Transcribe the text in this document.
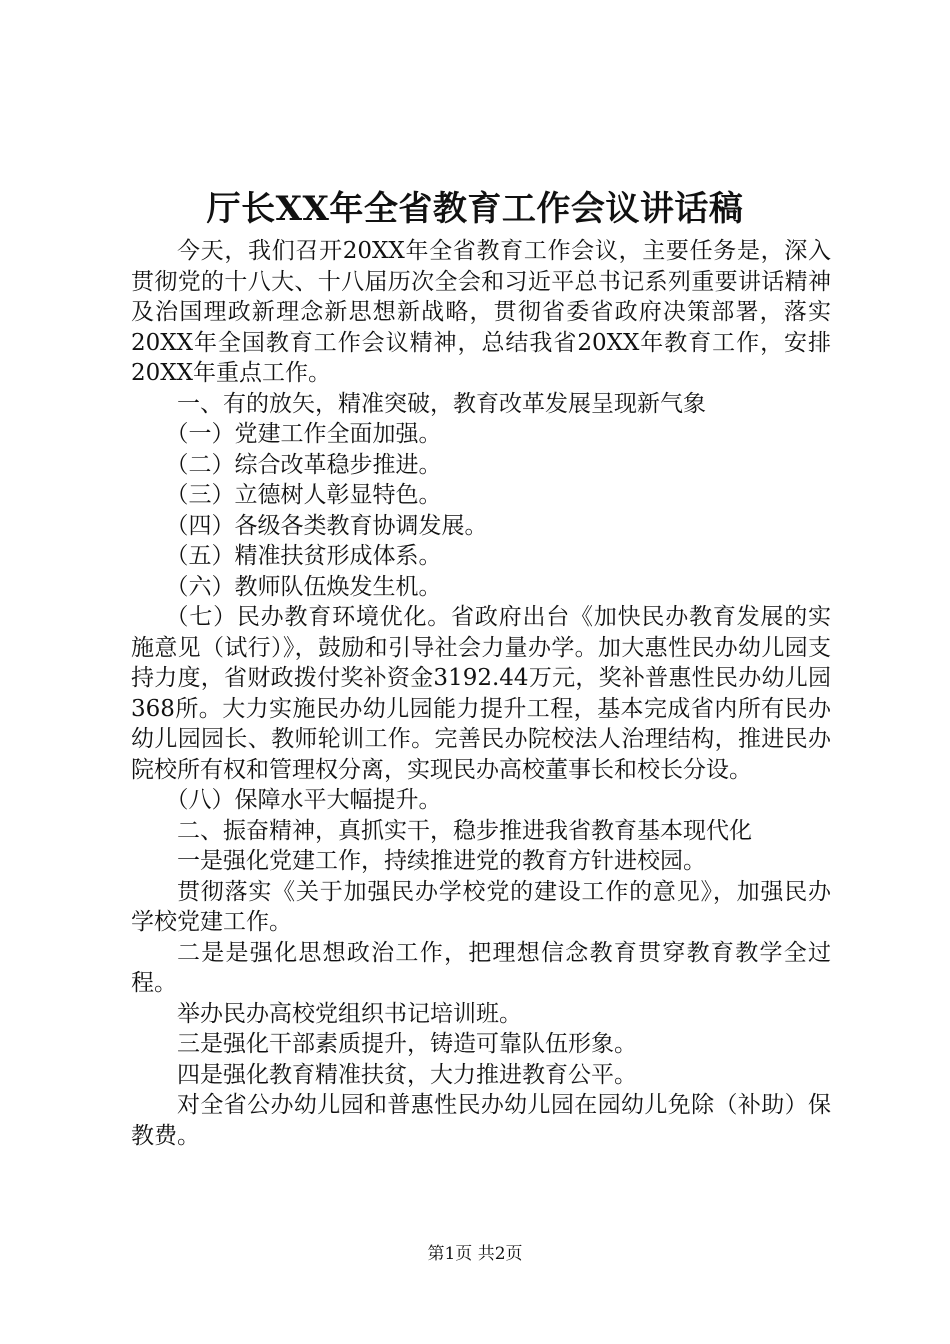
厅长XX年全省教育工作会议讲话稿

今天，我们召开20XX年全省教育工作会议，主要任务是，深入贯彻党的十八大、十八届历次全会和习近平总书记系列重要讲话精神及治国理政新理念新思想新战略，贯彻省委省政府决策部署，落实20XX年全国教育工作会议精神，总结我省20XX年教育工作，安排20XX年重点工作。

一、有的放矢，精准突破，教育改革发展呈现新气象

（一）党建工作全面加强。

（二）综合改革稳步推进。

（三）立德树人彰显特色。

（四）各级各类教育协调发展。

（五）精准扶贫形成体系。

（六）教师队伍焕发生机。

（七）民办教育环境优化。省政府出台《加快民办教育发展的实施意见（试行）》，鼓励和引导社会力量办学。加大惠性民办幼儿园支持力度，省财政拨付奖补资金3192.44万元，奖补普惠性民办幼儿园368所。大力实施民办幼儿园能力提升工程，基本完成省内所有民办幼儿园园长、教师轮训工作。完善民办院校法人治理结构，推进民办院校所有权和管理权分离，实现民办高校董事长和校长分设。

（八）保障水平大幅提升。

二、振奋精神，真抓实干，稳步推进我省教育基本现代化

一是强化党建工作，持续推进党的教育方针进校园。

贯彻落实《关于加强民办学校党的建设工作的意见》，加强民办学校党建工作。

二是是强化思想政治工作，把理想信念教育贯穿教育教学全过程。

举办民办高校党组织书记培训班。

三是强化干部素质提升，铸造可靠队伍形象。

四是强化教育精准扶贫，大力推进教育公平。

对全省公办幼儿园和普惠性民办幼儿园在园幼儿免除（补助）保教费。

第1页 共2页
